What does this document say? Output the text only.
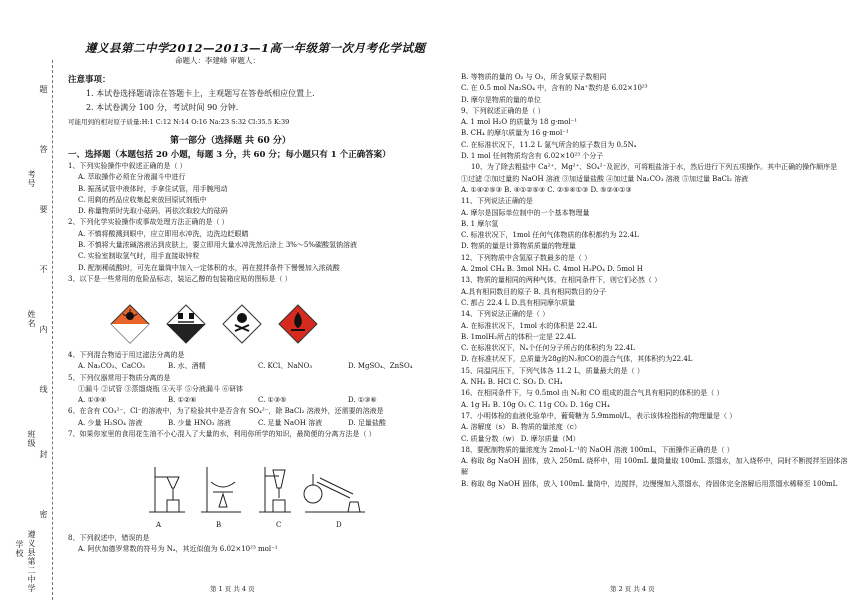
考号
姓名
班级
学校 遵义县第二中学
题
答
要
不
内
线
封
密
遵义县第二中学2012—2013—1高一年级第一次月考化学试题
命题人：李建峰 审题人：
注意事项：
1. 本试卷选择题请涂在答题卡上，主观题写在答卷纸相应位置上.
2. 本试卷满分 100 分，考试时间 90 分钟.
可能用到的相对原子质量:H:1 C:12 N:14 O:16 Na:23 S:32 Cl:35.5 K:39
第一部分（选择题 共 60 分）
一、选择题（本题包括 20 小题，每题 3 分，共 60 分；每小题只有 1 个正确答案）
1、下列实验操作中叙述正确的是（ ）
A. 萃取操作必须在分液漏斗中进行
B. 振荡试管中液体时，手拿住试管，用手腕甩动
C. 用剩的药品应收集起来放回原试剂瓶中
D. 称量物质时先取小砝码，再依次取较大的砝码
2、下列化学实验操作或事故处理方法正确的是（ ）
A. 不慎将酸溅到眼中，应立即用水冲洗，边洗边眨眼睛
B. 不慎将大量浓碱溶液沾到皮肤上，要立即用大量水冲洗然后涂上 3%～5%碳酸氢钠溶液
C. 实验室制取氢气时，用手直接取锌粒
D. 配制稀硫酸时，可先在量筒中加入一定体积的水，再在搅拌条件下慢慢加入浓硫酸
3、以下是一些常用的危险品标志，装运乙醇的包装箱应贴的图标是（ ）
4、下列混合物适于用过滤法分离的是
A. Na₂CO₃、CaCO₃	B. 水、酒精	C. KCl、NaNO₃	D. MgSO₄、ZnSO₄
5、下列仪器常用于物质分离的是
①漏斗 ②试管 ③蒸馏烧瓶 ④天平 ⑤分液漏斗 ⑥研钵
A. ①③④	B. ①②⑥	C. ①③⑤	D. ①③⑥
6、在含有 CO₃²⁻、Cl⁻的溶液中，为了检验其中是否含有 SO₄²⁻，除 BaCl₂ 溶液外，还需要的溶液是
A. 少量 H₂SO₄ 溶液	B. 少量 HNO₃ 溶液	C. 足量 NaOH 溶液	D. 足量盐酸
7、如果你家里的食用花生油不小心混入了大量的水，利用你所学的知识，最简便的分离方法是（ ）
A	B	C	D
8、下列叙述中，错误的是
A. 阿伏加德罗常数的符号为 Nₐ，其近似值为 6.02×10²³ mol⁻¹
第 1 页 共 4 页
B. 等物质的量的 O₂ 与 O₃，所含氧原子数相同
C. 在 0.5 mol Na₂SO₄ 中，含有的 Na⁺数约是 6.02×10²³
D. 摩尔是物质的量的单位
9、下列叙述正确的是（ ）
A. 1 mol H₂O 的质量为 18 g·mol⁻¹
B. CH₄ 的摩尔质量为 16 g·mol⁻¹
C. 在标准状况下，11.2 L 氯气所含的原子数目为 0.5Nₐ
D. 1 mol 任何物质均含有 6.02×10²³ 个分子
10、为了除去粗盐中 Ca²⁺、Mg²⁺、SO₄²⁻及泥沙，可将粗盐溶于水，然后进行下列五项操作。其中正确的操作顺序是
①过滤 ②加过量的 NaOH 溶液 ③加适量盐酸 ④加过量 Na₂CO₃ 溶液 ⑤加过量 BaCl₂ 溶液
A. ①④②⑤③ B. ④①②⑤③ C. ②⑤④①③ D. ⑤②④①③
11、下列说法正确的是
A. 摩尔是国际单位制中的一个基本物理量
B. 1 摩尔氢
C. 标准状况下，1mol 任何气体物质的体积都约为 22.4L
D. 物质的量是计算物质质量的物理量
12、下列物质中含氢原子数最多的是（ ）
A. 2mol CH₄ B. 3mol NH₃ C. 4mol H₃PO₄ D. 5mol H
13、物质的量相同的两种气体，在相同条件下，则它们必然（ ）
A.具有相同数目的原子 B. 具有相同数目的分子
C. 都占 22.4 L D.具有相同摩尔质量
14、下列说法正确的是（ ）
A. 在标准状况下，1mol 水的体积是 22.4L
B. 1molH₂所占的体积一定是 22.4L
C. 在标准状况下，Nₐ个任何分子所占的体积约为 22.4L
D. 在标准状况下，总质量为28g的N₂和CO的混合气体，其体积约为22.4L
15、同温同压下，下列气体各 11.2 L，质量最大的是（ ）
A. NH₃ B. HCl C. SO₂ D. CH₄
16、在相同条件下，与 0.5mol 由 N₂和 CO 组成的混合气具有相同的体积的是（ ）
A. 1g H₂ B. 10g O₂ C. 11g CO₂ D. 16g CH₄
17、小明体检的血液化验单中，葡萄糖为 5.9mmol/L，表示该体检指标的物理量是（ ）
A. 溶解度（s） B. 物质的量浓度（c）
C. 质量分数（w） D. 摩尔质量（M）
18、要配制物质的量浓度为 2mol·L⁻¹的 NaOH 溶液 100mL，下面操作正确的是（ ）
A. 称取 8g NaOH 固体，放入 250mL 烧杯中，用 100mL 量筒量取 100mL 蒸馏水，加入烧杯中，同时不断搅拌至固体溶解
B. 称取 8g NaOH 固体，放入 100mL 量筒中，边搅拌，边慢慢加入蒸馏水，待固体完全溶解后用蒸馏水稀释至 100mL
第 2 页 共 4 页
